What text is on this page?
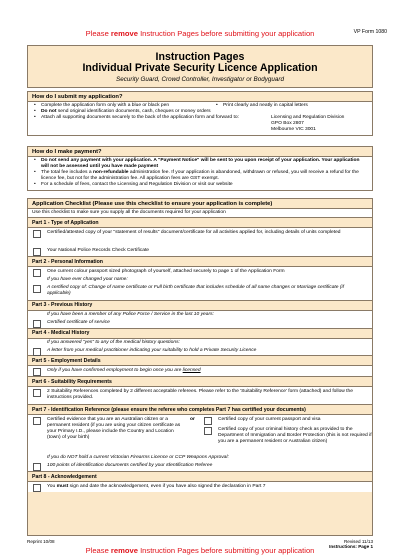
Please remove Instruction Pages before submitting your application	VP Form 1080
Instruction Pages
Individual Private Security Licence Application
Security Guard, Crowd Controller, Investigator or Bodyguard
How do I submit my application?
• Complete the application form only with a blue or black pen
•	Print clearly and neatly in capital letters
• Do not send original identification documents, cash, cheques or money orders
• Attach all supporting documents securely to the back of the application form and forward to:	Licensing and Regulation Division
GPO Box 2807
Melbourne VIC 3001
How do I make payment?
• Do not send any payment with your application. A "Payment Notice" will be sent to you upon receipt of your application. Your application will not be assessed until you have made payment
• The total fee includes a non-refundable administration fee. If your application is abandoned, withdrawn or refused, you will receive a refund for the licence fee, but not for the administration fee. All application fees are GST exempt.
• For a schedule of fees, contact the Licensing and Regulation Division or visit our website
Application Checklist (Please use this checklist to ensure your application is complete)
Use this checklist to make sure you supply all the documents required for your application
Part 1 - Type of Application
Certified/attested copy of your "statement of results" document/certificate for all activities applied for, including details of units completed
Your National Police Records Check Certificate
Part 2 - Personal Information
One current colour passport sized photograph of yourself, attached securely to page 1 of the Application Form
If you have ever changed your name:
A certified copy of: Change of name certificate or Full birth certificate that includes schedule of all name changes or Marriage certificate (if applicable)
Part 3 - Previous History
If you have been a member of any Police Force / Service in the last 10 years:
Certified certificate of service
Part 4 - Medical History
If you answered "yes" to any of the medical history questions:
A letter from your medical practitioner indicating your suitability to hold a Private Security Licence
Part 5 - Employment Details
Only if you have confirmed employment to begin once you are licensed
Part 6 - Suitability Requirements
2 Suitability References completed by 2 different acceptable referees. Please refer to the 'Suitability Reference' form (attached) and follow the instructions provided.
Part 7 - Identification Reference (please ensure the referee who completes Part 7 has certified your documents)
Certified evidence that you are an Australian citizen or a permanent resident (if you are using your citizen certificate as your Primary I.D., please include the Country and Location (town) of your birth)
or	Certified copy of your current passport and visa
Certified copy of your criminal history check as provided to the Department of Immigration and Border Protection (this is not required if you are a permanent resident or Australian citizen)
If you do NOT hold a current Victorian Firearms Licence or CCP Weapons Approval:
100 points of identification documents certified by your Identification Referee
Part 8 - Acknowledgement
You must sign and date the acknowledgement, even if you have also signed the declaration in Part 7
Reprint 10/08	Revised 11/13
Instructions: Page 1
Please remove Instruction Pages before submitting your application
